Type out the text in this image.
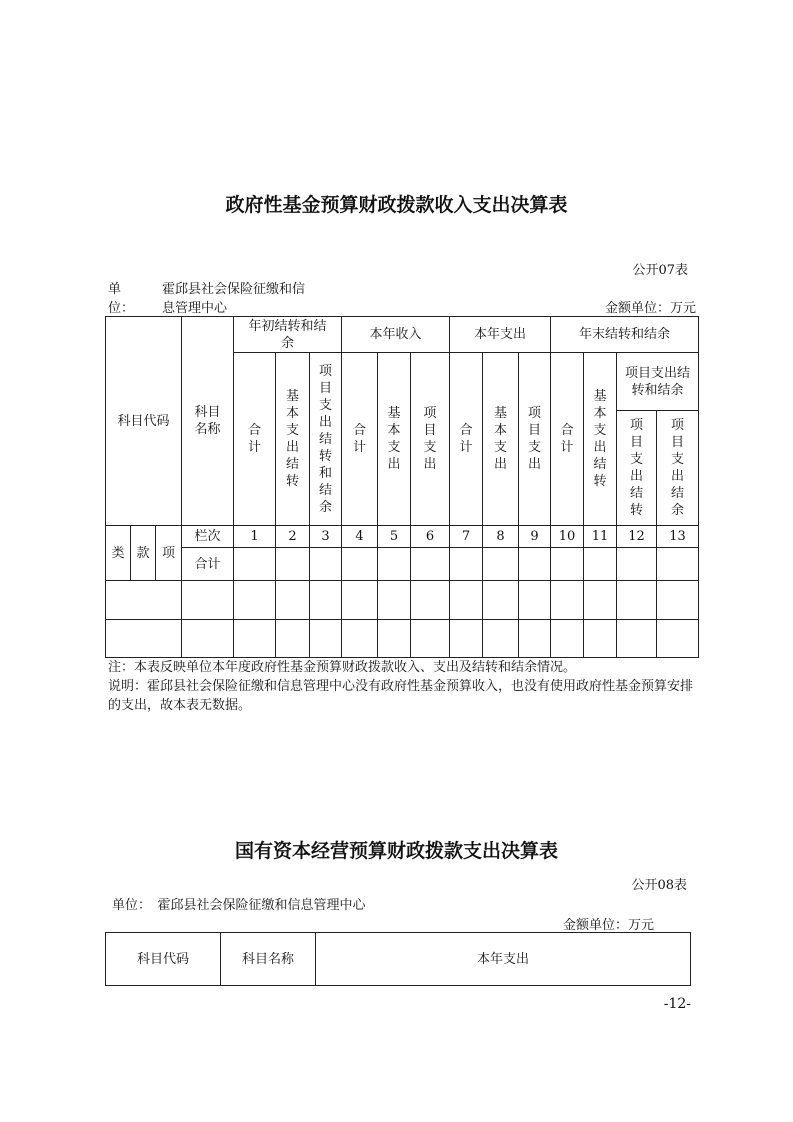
政府性基金预算财政拨款收入支出决算表
公开07表
单
位：
霍邱县社会保险征缴和信
息管理中心	金额单位：万元
科目代码			科目名称	年初结转和结余			本年收入			本年支出			年末结转和结余			
				合计	基本支出结转	项目支出结转和结余	合计	基本支出	项目支出	合计	基本支出	项目支出	合计	基本支出结转	项目支出结转和结余	
															项目支出结转	项目支出结余
类	款	项	栏次	1	2	3	4	5	6	7	8	9	10	11	12	13
			合计													

注：本表反映单位本年度政府性基金预算财政拨款收入、支出及结转和结余情况。
说明：霍邱县社会保险征缴和信息管理中心没有政府性基金预算收入，也没有使用政府性基金预算安排的支出，故本表无数据。
国有资本经营预算财政拨款支出决算表
公开08表
单位：　霍邱县社会保险征缴和信息管理中心
金额单位：万元
科目代码	科目名称	本年支出
-12-
